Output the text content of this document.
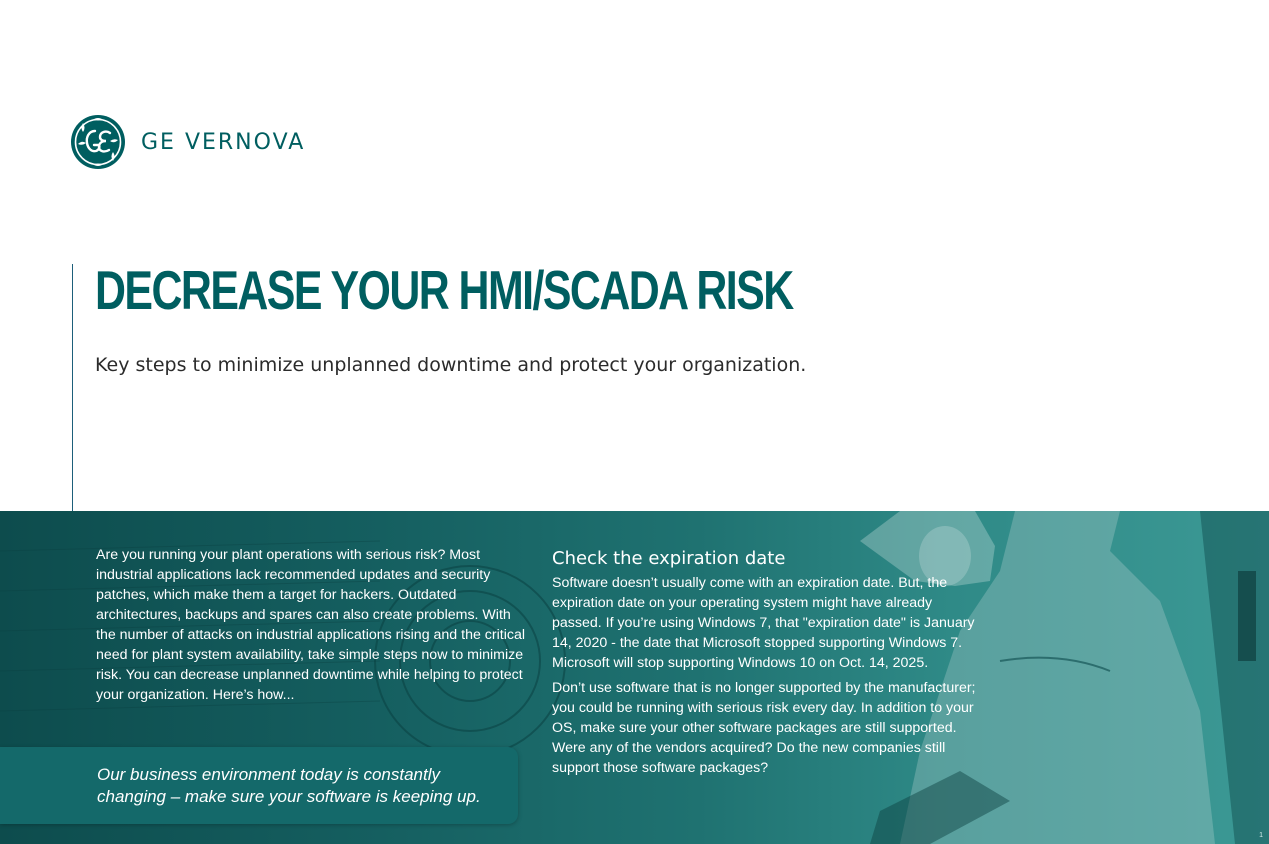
GE VERNOVA
DECREASE YOUR HMI/SCADA RISK
Key steps to minimize unplanned downtime and protect your organization.

Are you running your plant operations with serious risk? Most industrial applications lack recommended updates and security patches, which make them a target for hackers. Outdated architectures, backups and spares can also create problems. With the number of attacks on industrial applications rising and the critical need for plant system availability, take simple steps now to minimize risk. You can decrease unplanned downtime while helping to protect your organization. Here’s how...

Our business environment today is constantly changing – make sure your software is keeping up.

Check the expiration date

Software doesn’t usually come with an expiration date. But, the expiration date on your operating system might have already passed. If you’re using Windows 7, that "expiration date" is January 14, 2020 - the date that Microsoft stopped supporting Windows 7. Microsoft will stop supporting Windows 10 on Oct. 14, 2025.

Don’t use software that is no longer supported by the manufacturer; you could be running with serious risk every day. In addition to your OS, make sure your other software packages are still supported. Were any of the vendors acquired? Do the new companies still support those software packages?

1
